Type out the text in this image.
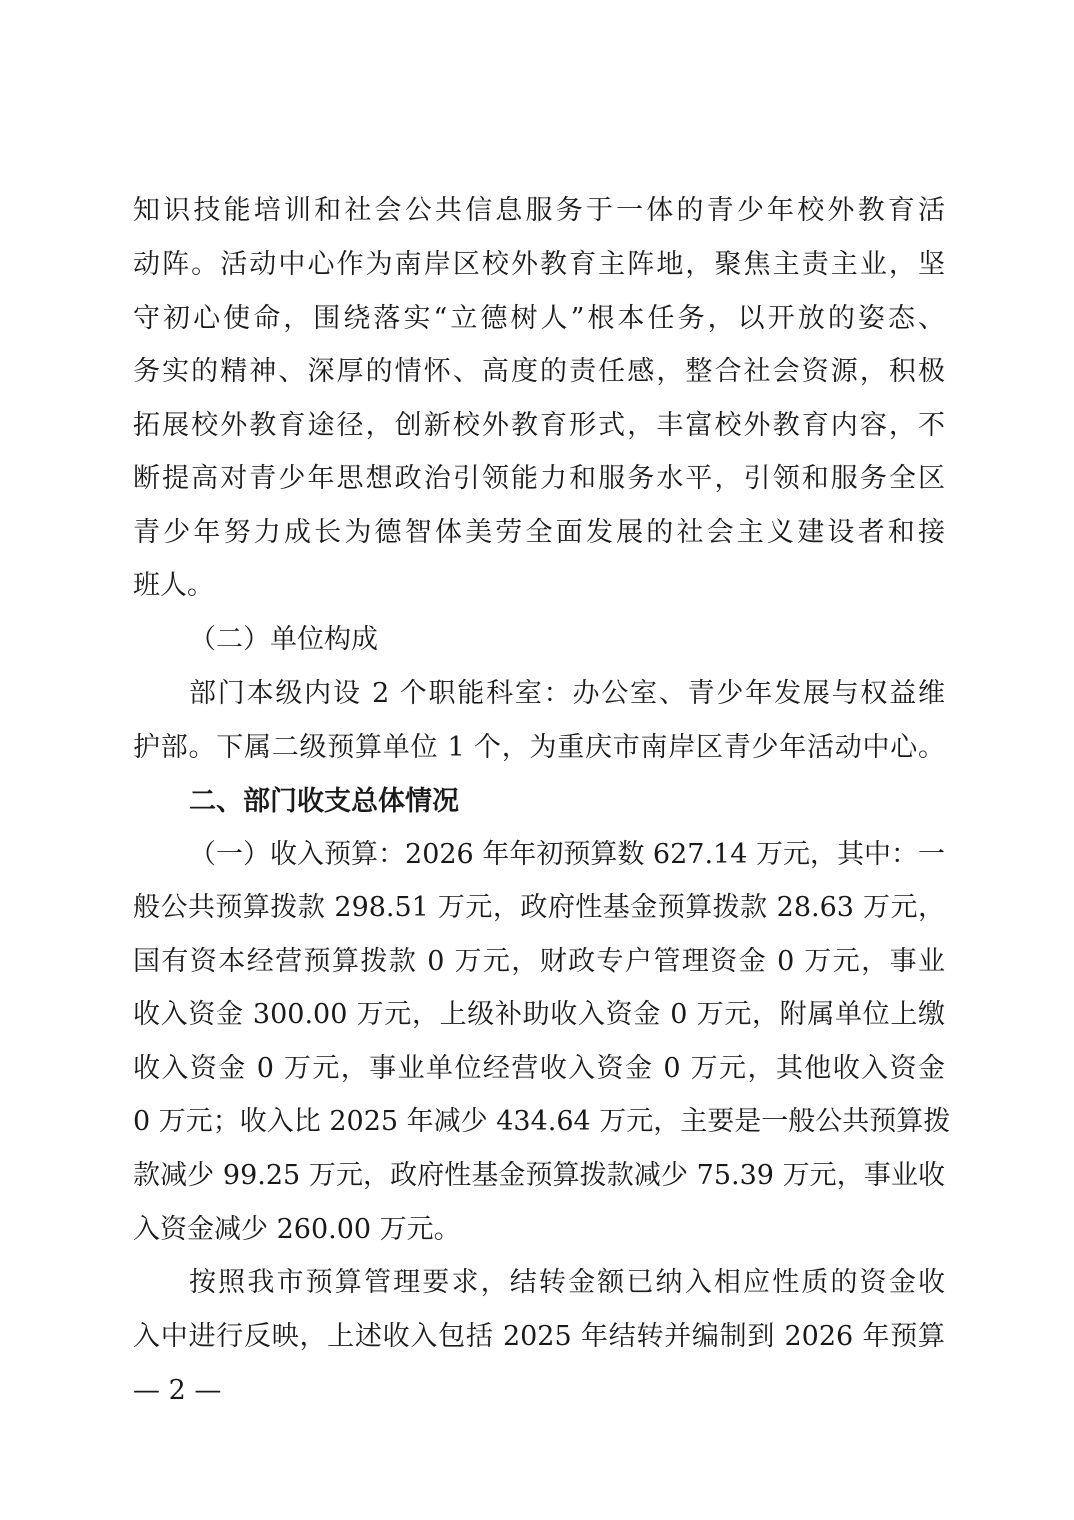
知识技能培训和社会公共信息服务于一体的青少年校外教育活
动阵。活动中心作为南岸区校外教育主阵地，聚焦主责主业，坚
守初心使命，围绕落实“立德树人”根本任务，以开放的姿态、
务实的精神、深厚的情怀、高度的责任感，整合社会资源，积极
拓展校外教育途径，创新校外教育形式，丰富校外教育内容，不
断提高对青少年思想政治引领能力和服务水平，引领和服务全区
青少年努力成长为德智体美劳全面发展的社会主义建设者和接
班人。
（二）单位构成
部门本级内设 2 个职能科室：办公室、青少年发展与权益维
护部。下属二级预算单位 1 个，为重庆市南岸区青少年活动中心。
二、部门收支总体情况
（一）收入预算：2026 年年初预算数 627.14 万元，其中：一
般公共预算拨款 298.51 万元，政府性基金预算拨款 28.63 万元，
国有资本经营预算拨款 0 万元，财政专户管理资金 0 万元，事业
收入资金 300.00 万元，上级补助收入资金 0 万元，附属单位上缴
收入资金 0 万元，事业单位经营收入资金 0 万元，其他收入资金
0 万元；收入比 2025 年减少 434.64 万元，主要是一般公共预算拨
款减少 99.25 万元，政府性基金预算拨款减少 75.39 万元，事业收
入资金减少 260.00 万元。
按照我市预算管理要求，结转金额已纳入相应性质的资金收
入中进行反映，上述收入包括 2025 年结转并编制到 2026 年预算
— 2 —
